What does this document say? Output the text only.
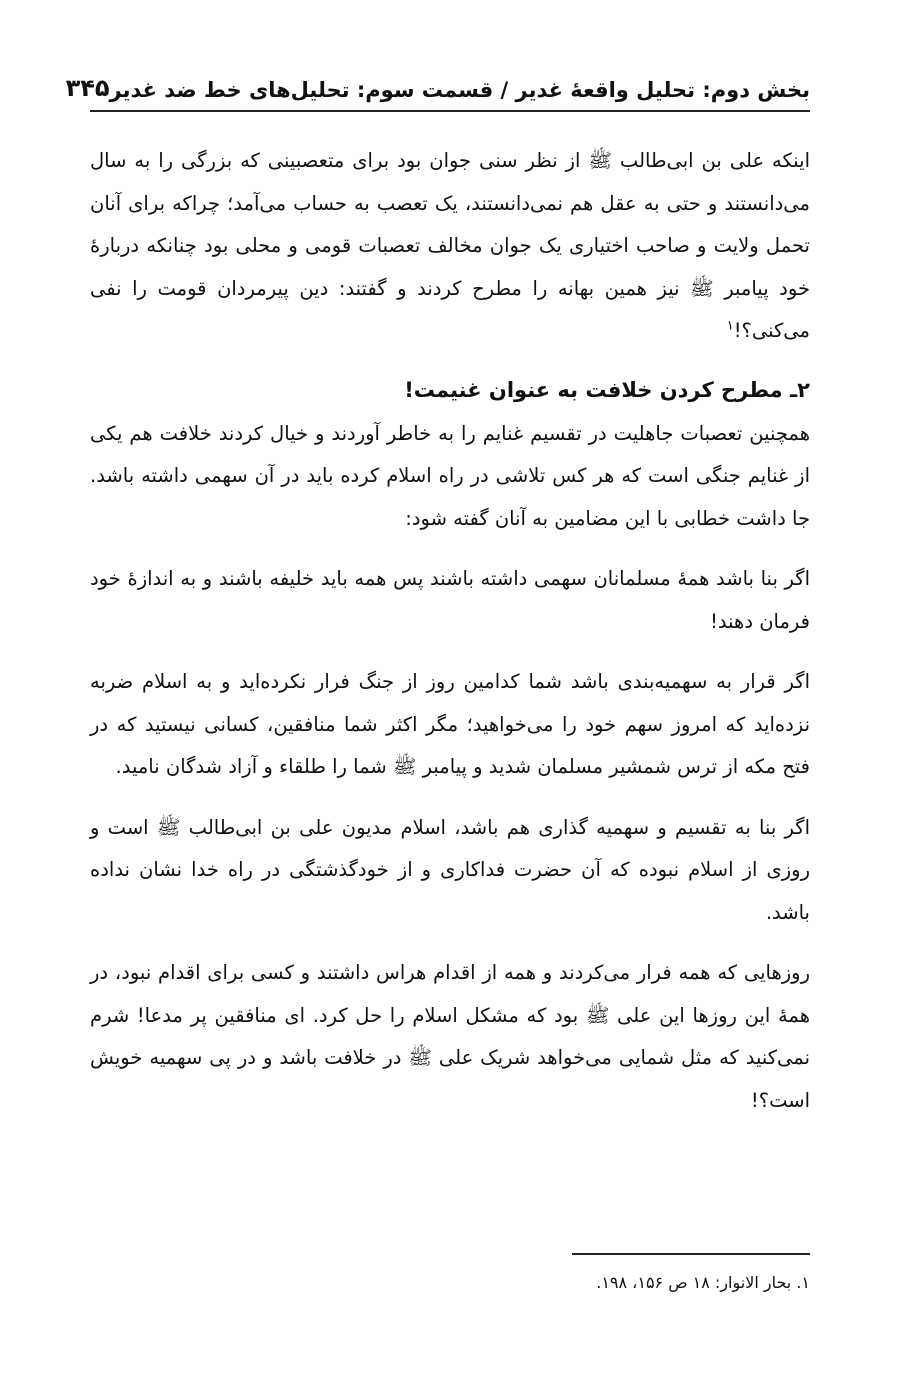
بخش دوم: تحلیل واقعهٔ غدیر / قسمت سوم: تحلیل‌های خط ضد غدیر
۳۴۵

اینکه علی بن ابی‌طالب ﷺ از نظر سنی جوان بود برای متعصبینی که بزرگی را به سال می‌دانستند و حتی به عقل هم نمی‌دانستند، یک تعصب به حساب می‌آمد؛ چراکه برای آنان تحمل ولایت و صاحب اختیاری یک جوان مخالف تعصبات قومی و محلی بود چنانکه دربارهٔ خود پیامبر ﷺ نیز همین بهانه را مطرح کردند و گفتند: دین پیرمردان قومت را نفی می‌کنی؟!$^۱$

۲ـ مطرح کردن خلافت به عنوان غنیمت!

همچنین تعصبات جاهلیت در تقسیم غنایم را به خاطر آوردند و خیال کردند خلافت هم یکی از غنایم جنگی است که هر کس تلاشی در راه اسلام کرده باید در آن سهمی داشته باشد. جا داشت خطابی با این مضامین به آنان گفته شود:

اگر بنا باشد همهٔ مسلمانان سهمی داشته باشند پس همه باید خلیفه باشند و به اندازهٔ خود فرمان دهند!

اگر قرار به سهمیه‌بندی باشد شما کدامین روز از جنگ فرار نکرده‌اید و به اسلام ضربه نزده‌اید که امروز سهم خود را می‌خواهید؛ مگر اکثر شما منافقین، کسانی نیستید که در فتح مکه از ترس شمشیر مسلمان شدید و پیامبر ﷺ شما را طلقاء و آزاد شدگان نامید.

اگر بنا به تقسیم و سهمیه گذاری هم باشد، اسلام مدیون علی بن ابی‌طالب ﷺ است و روزی از اسلام نبوده که آن حضرت فداکاری و از خودگذشتگی در راه خدا نشان نداده باشد.

روزهایی که همه فرار می‌کردند و همه از اقدام هراس داشتند و کسی برای اقدام نبود، در همهٔ این روزها این علی ﷺ بود که مشکل اسلام را حل کرد. ای منافقین پر مدعا! شرم نمی‌کنید که مثل شمایی می‌خواهد شریک علی ﷺ در خلافت باشد و در پی سهمیه خویش است؟!

۱. بحار الانوار: ۱۸ ص ۱۵۶، ۱۹۸.
